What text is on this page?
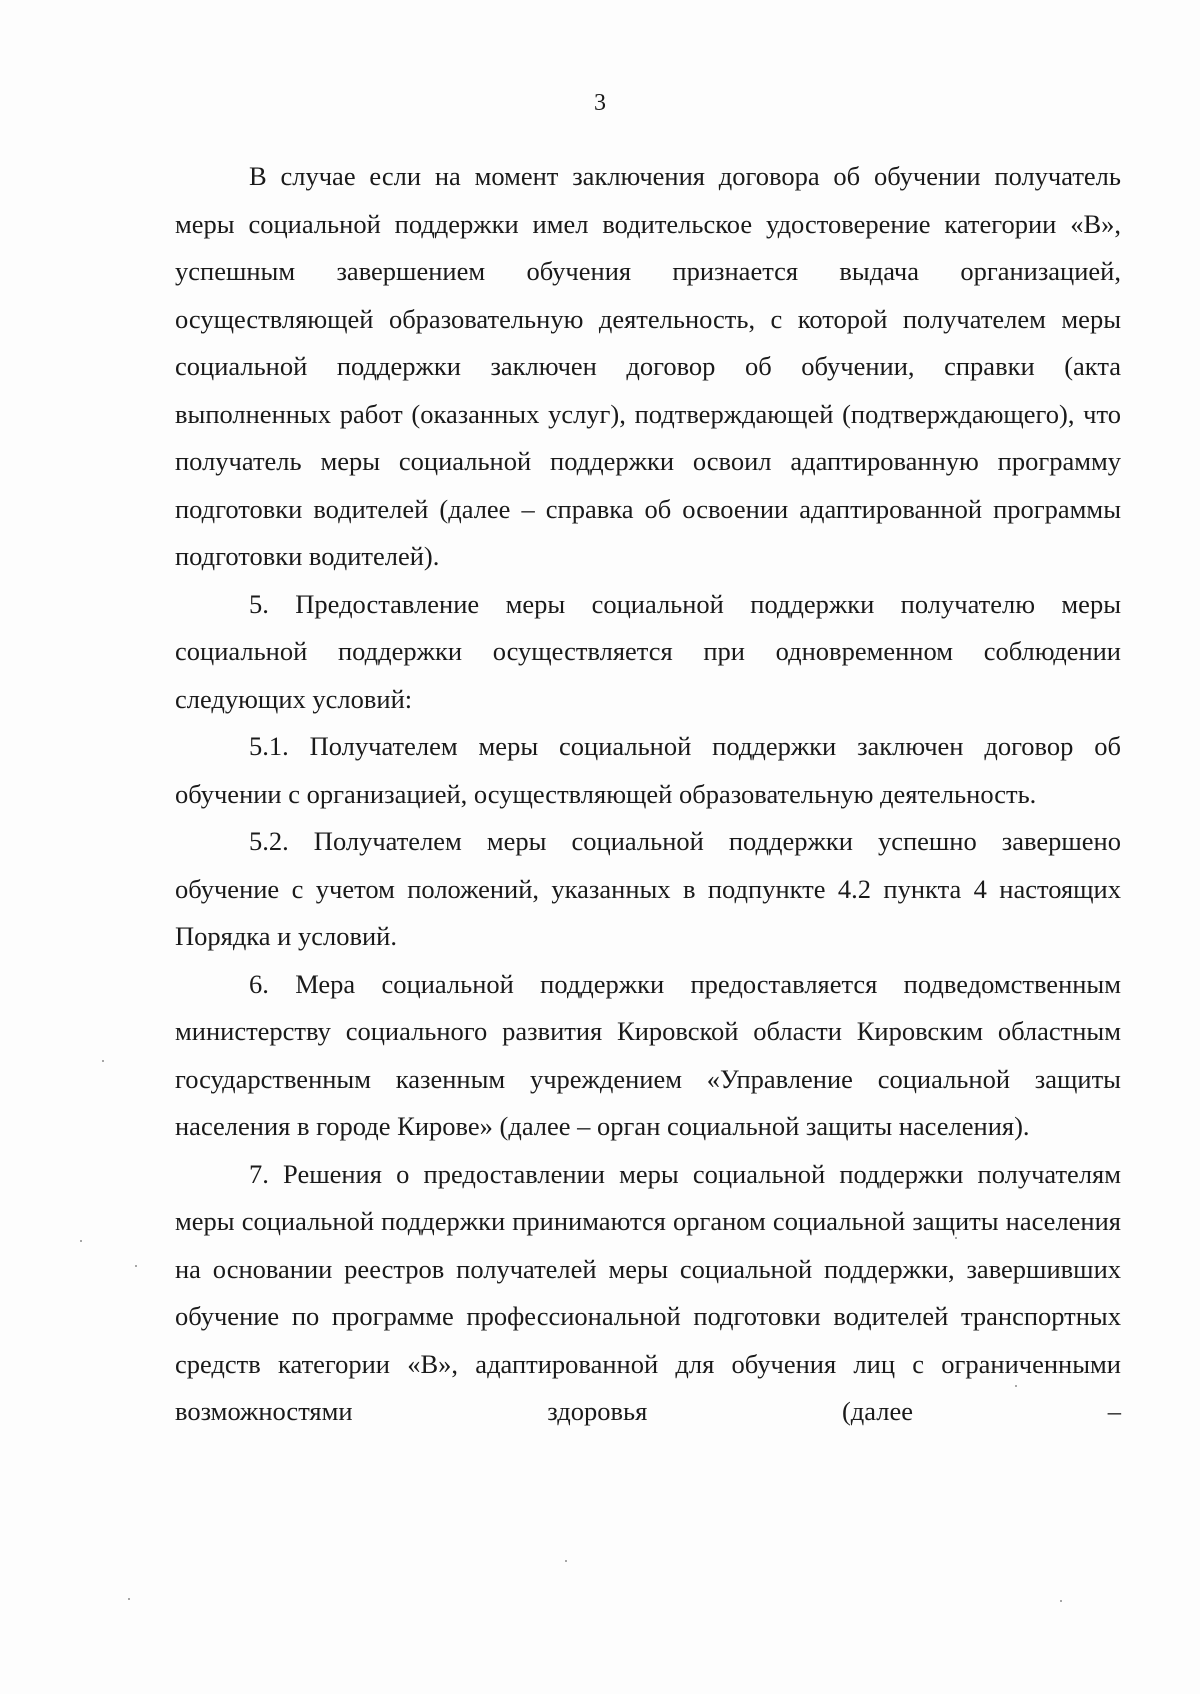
3

В случае если на момент заключения договора об обучении получатель меры социальной поддержки имел водительское удостоверение категории «В», успешным завершением обучения признается выдача организацией, осуществляющей образовательную деятельность, с которой получателем меры социальной поддержки заключен договор об обучении, справки (акта выполненных работ (оказанных услуг), подтверждающей (подтверждающего), что получатель меры социальной поддержки освоил адаптированную программу подготовки водителей (далее – справка об освоении адаптированной программы подготовки водителей).

5. Предоставление меры социальной поддержки получателю меры социальной поддержки осуществляется при одновременном соблюдении следующих условий:

5.1. Получателем меры социальной поддержки заключен договор об обучении с организацией, осуществляющей образовательную деятельность.

5.2. Получателем меры социальной поддержки успешно завершено обучение с учетом положений, указанных в подпункте 4.2 пункта 4 настоящих Порядка и условий.

6. Мера социальной поддержки предоставляется подведомственным министерству социального развития Кировской области Кировским областным государственным казенным учреждением «Управление социальной защиты населения в городе Кирове» (далее – орган социальной защиты населения).

7. Решения о предоставлении меры социальной поддержки получателям меры социальной поддержки принимаются органом социальной защиты населения на основании реестров получателей меры социальной поддержки, завершивших обучение по программе профессиональной подготовки водителей транспортных средств категории «В», адаптированной для обучения лиц с ограниченными возможностями здоровья (далее –
